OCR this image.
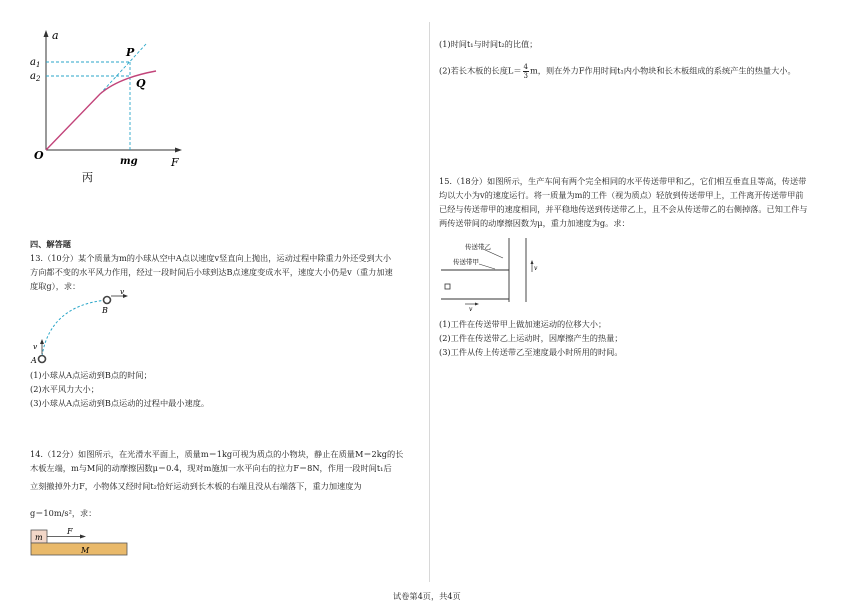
a
F
O
$a_1$
$a_2$
P
Q
mg
丙
四、解答题
13.（10分）某个质量为m的小球从空中A点以速度v竖直向上抛出，运动过程中除重力外还受到大小
方向都不变的水平风力作用，经过一段时间后小球到达B点速度变成水平，速度大小仍是v（重力加速
度取g），求：
v
B
v
A
(1)小球从A点运动到B点的时间；
(2)水平风力大小；
(3)小球从A点运动到B点运动的过程中最小速度。
14.（12分）如图所示，在光滑水平面上，质量m＝1kg可视为质点的小物块，静止在质量M＝2kg的长
木板左端，m与M间的动摩擦因数μ＝0.4，现对m施加一水平向右的拉力F＝8N，作用一段时间t₁后
立刻撤掉外力F，小物体又经时间t₂恰好运动到长木板的右端且没从右端落下，重力加速度为
g＝10m/s²，求：
m
F
M
(1)时间t₁与时间t₂的比值；
(2)若长木板的长度$L= \frac{4}{3}$ m，则在外力F作用时间t₁内小物块和长木板组成的系统产生的热量大小。
15.（18分）如图所示，生产车间有两个完全相同的水平传送带甲和乙，它们相互垂直且等高，传送带
均以大小为v的速度运行。将一质量为m的工件（视为质点）轻放到传送带甲上，工件离开传送带甲前
已经与传送带甲的速度相同，并平稳地传送到传送带乙上，且不会从传送带乙的右侧掉落。已知工件与
两传送带间的动摩擦因数为μ，重力加速度为g。求：
传送带乙
传送带甲
v
v
(1)工件在传送带甲上做加速运动的位移大小；
(2)工件在传送带乙上运动时，因摩擦产生的热量；
(3)工件从传上传送带乙至速度最小时所用的时间。
试卷第4页，共4页
